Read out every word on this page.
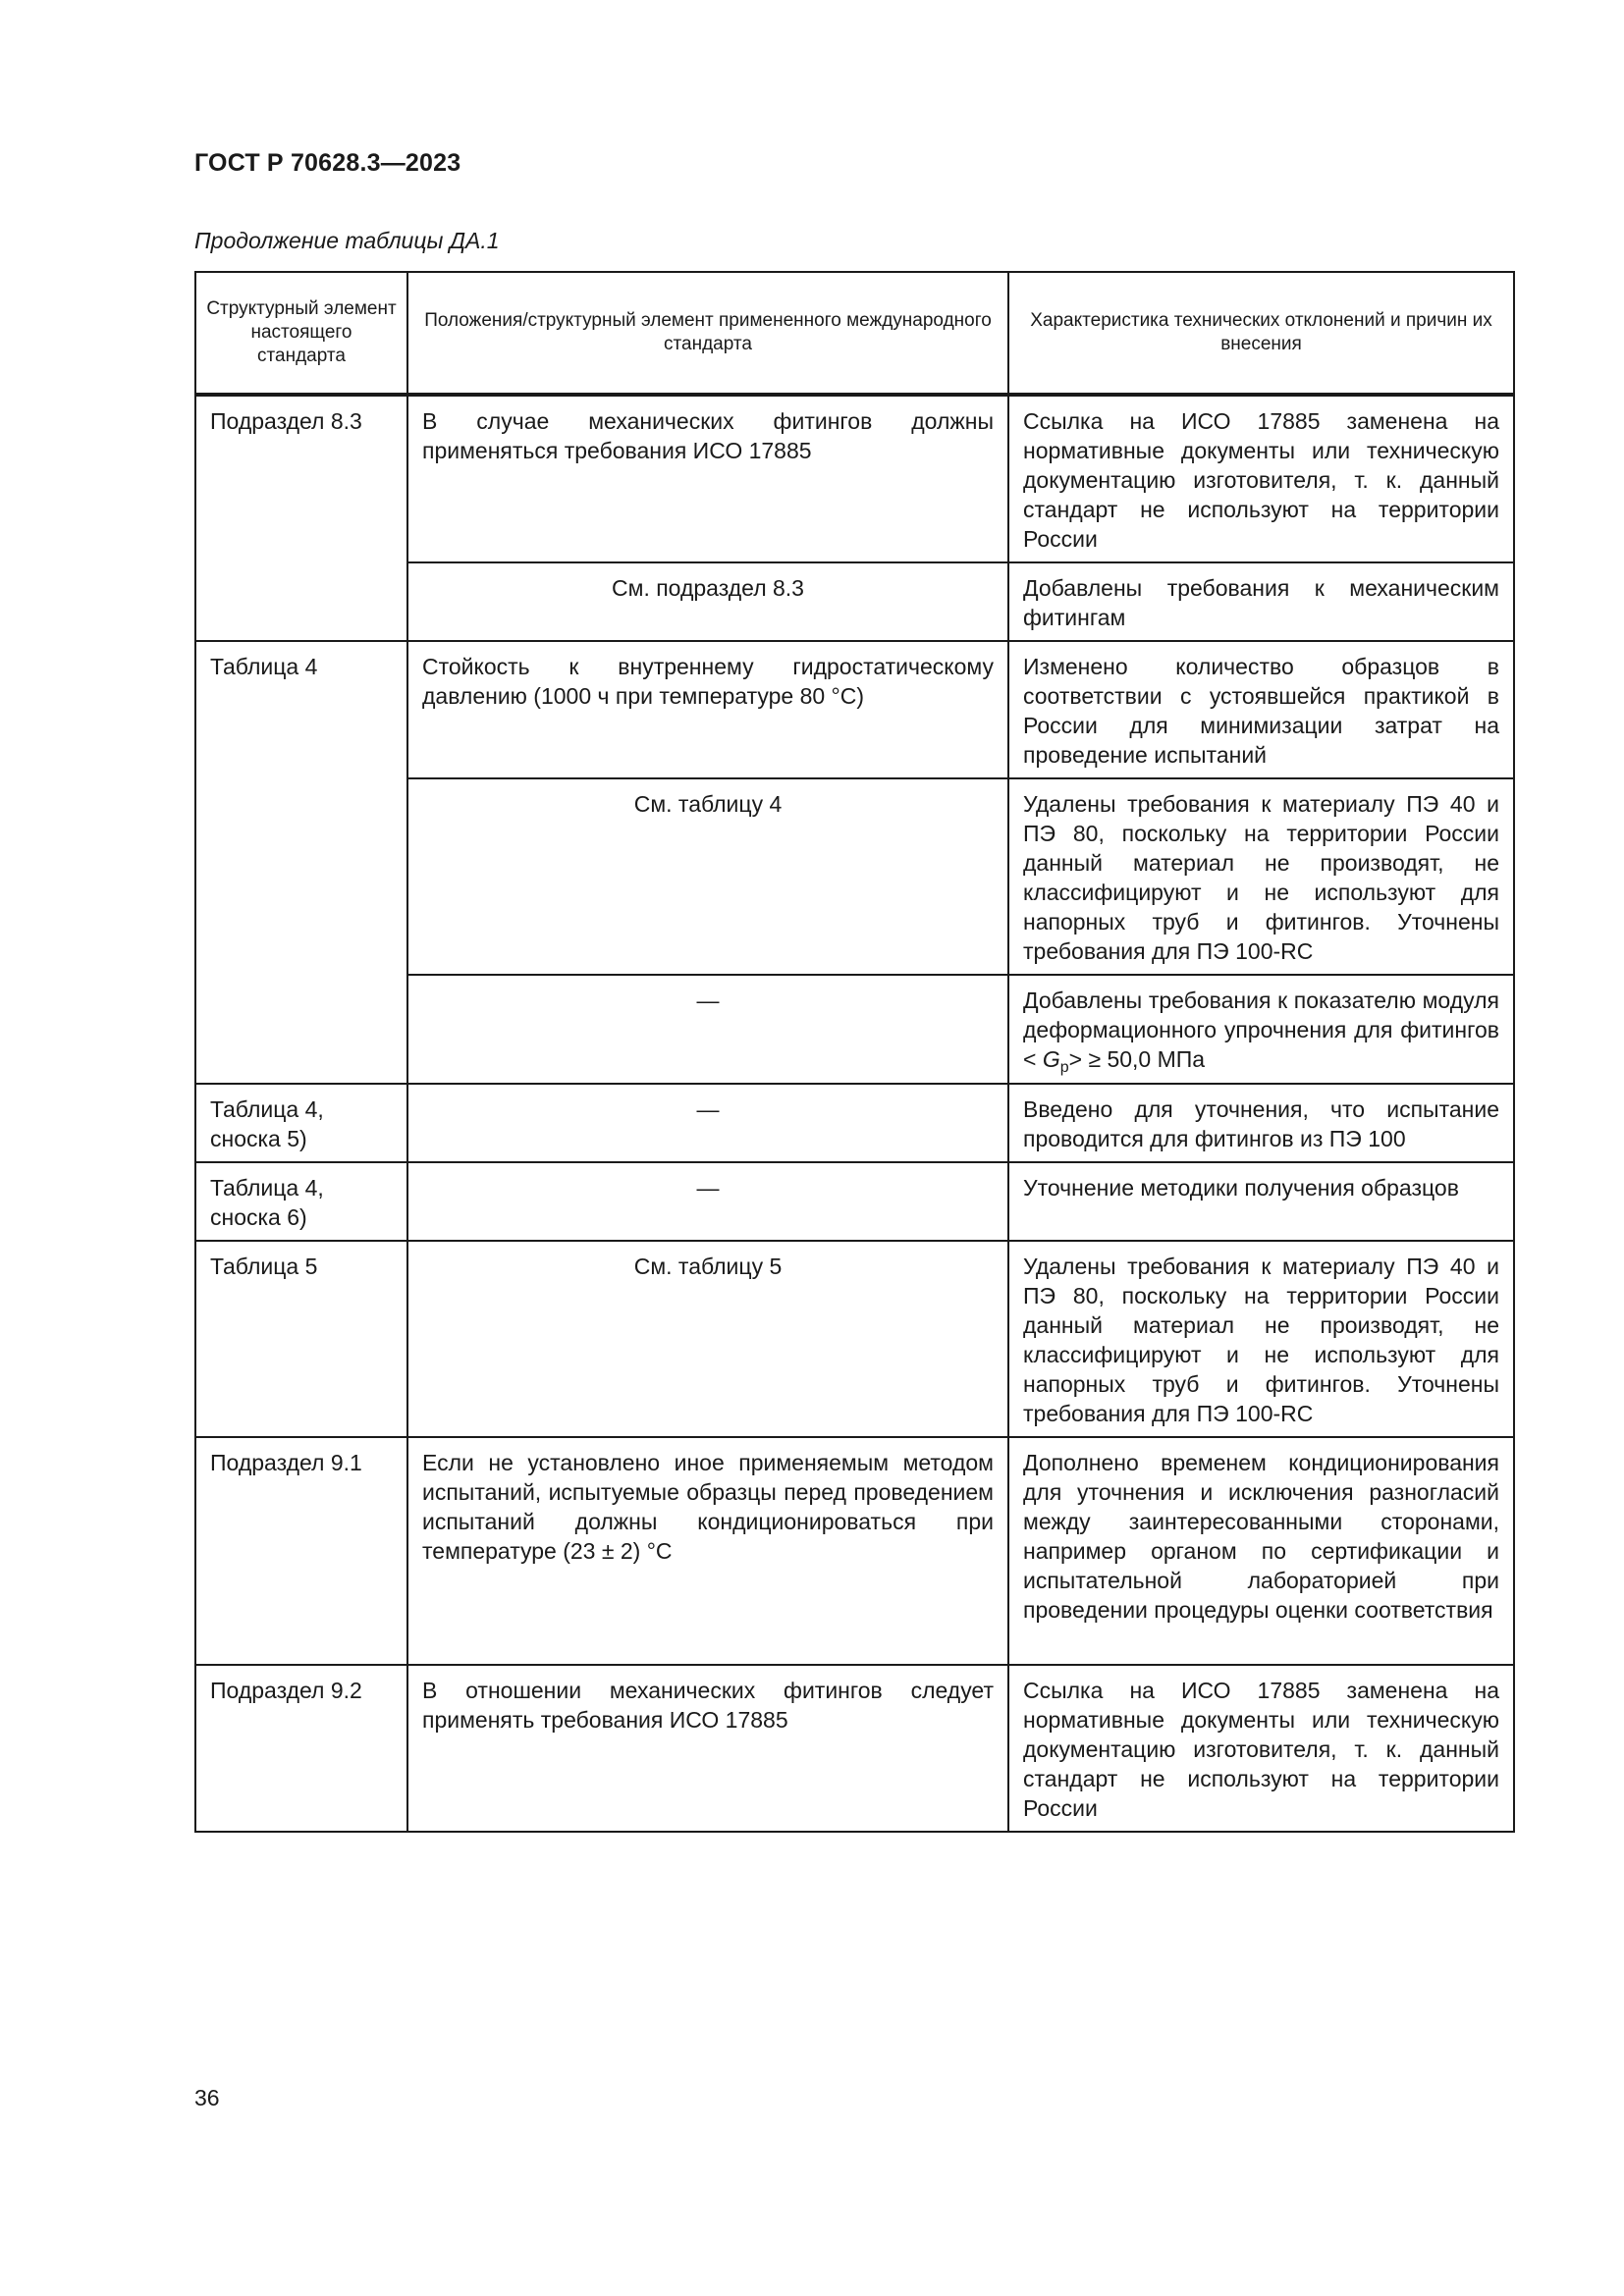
ГОСТ Р 70628.3—2023
Продолжение таблицы ДА.1
Структурный элемент настоящего стандарта	Положения/структурный элемент примененного международного стандарта	Характеристика технических отклонений и причин их внесения
Подраздел 8.3	В случае механических фитингов должны применяться требования ИСО 17885	Ссылка на ИСО 17885 заменена на нормативные документы или техническую документацию изготовителя, т. к. данный стандарт не используют на территории России
	См. подраздел 8.3	Добавлены требования к механическим фитингам
Таблица 4	Стойкость к внутреннему гидростатическому давлению (1000 ч при температуре 80 °С)	Изменено количество образцов в соответствии с устоявшейся практикой в России для минимизации затрат на проведение испытаний
	См. таблицу 4	Удалены требования к материалу ПЭ 40 и ПЭ 80, поскольку на территории России данный материал не производят, не классифицируют и не используют для напорных труб и фитингов. Уточнены требования для ПЭ 100-RC
	—	Добавлены требования к показателю модуля деформационного упрочнения для фитингов < $G_p> \ge 50,0$ МПа
Таблица 4, сноска 5)	—	Введено для уточнения, что испытание проводится для фитингов из ПЭ 100
Таблица 4, сноска 6)	—	Уточнение методики получения образцов
Таблица 5	См. таблицу 5	Удалены требования к материалу ПЭ 40 и ПЭ 80, поскольку на территории России данный материал не производят, не классифицируют и не используют для напорных труб и фитингов. Уточнены требования для ПЭ 100-RC
Подраздел 9.1	Если не установлено иное применяемым методом испытаний, испытуемые образцы перед проведением испытаний должны кондиционироваться при температуре (23 ± 2) °С	Дополнено временем кондиционирования для уточнения и исключения разногласий между заинтересованными сторонами, например органом по сертификации и испытательной лабораторией при проведении процедуры оценки соответствия
Подраздел 9.2	В отношении механических фитингов следует применять требования ИСО 17885	Ссылка на ИСО 17885 заменена на нормативные документы или техническую документацию изготовителя, т. к. данный стандарт не используют на территории России
36
